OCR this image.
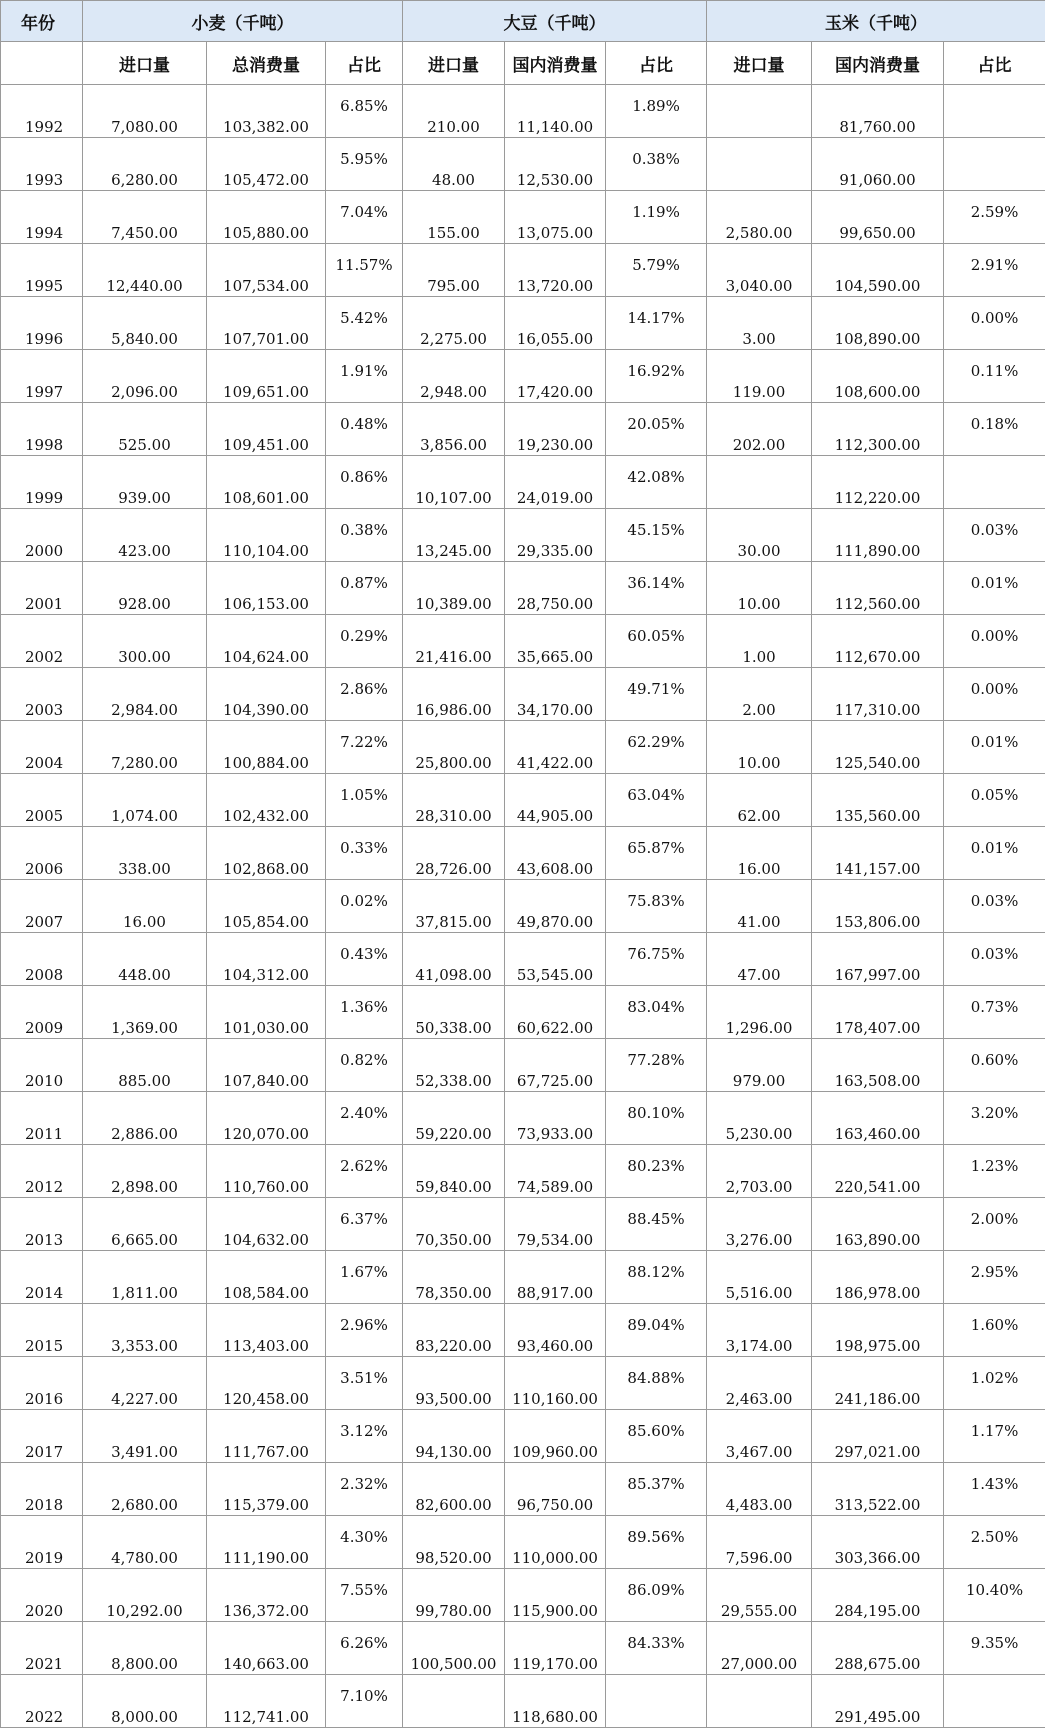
年份	小麦（千吨）			大豆（千吨）			玉米（千吨）		
	进口量	总消费量	占比	进口量	国内消费量	占比	进口量	国内消费量	占比
1992	7,080.00	103,382.00	6.85%	210.00	11,140.00	1.89%		81,760.00	
1993	6,280.00	105,472.00	5.95%	48.00	12,530.00	0.38%		91,060.00	
1994	7,450.00	105,880.00	7.04%	155.00	13,075.00	1.19%	2,580.00	99,650.00	2.59%
1995	12,440.00	107,534.00	11.57%	795.00	13,720.00	5.79%	3,040.00	104,590.00	2.91%
1996	5,840.00	107,701.00	5.42%	2,275.00	16,055.00	14.17%	3.00	108,890.00	0.00%
1997	2,096.00	109,651.00	1.91%	2,948.00	17,420.00	16.92%	119.00	108,600.00	0.11%
1998	525.00	109,451.00	0.48%	3,856.00	19,230.00	20.05%	202.00	112,300.00	0.18%
1999	939.00	108,601.00	0.86%	10,107.00	24,019.00	42.08%		112,220.00	
2000	423.00	110,104.00	0.38%	13,245.00	29,335.00	45.15%	30.00	111,890.00	0.03%
2001	928.00	106,153.00	0.87%	10,389.00	28,750.00	36.14%	10.00	112,560.00	0.01%
2002	300.00	104,624.00	0.29%	21,416.00	35,665.00	60.05%	1.00	112,670.00	0.00%
2003	2,984.00	104,390.00	2.86%	16,986.00	34,170.00	49.71%	2.00	117,310.00	0.00%
2004	7,280.00	100,884.00	7.22%	25,800.00	41,422.00	62.29%	10.00	125,540.00	0.01%
2005	1,074.00	102,432.00	1.05%	28,310.00	44,905.00	63.04%	62.00	135,560.00	0.05%
2006	338.00	102,868.00	0.33%	28,726.00	43,608.00	65.87%	16.00	141,157.00	0.01%
2007	16.00	105,854.00	0.02%	37,815.00	49,870.00	75.83%	41.00	153,806.00	0.03%
2008	448.00	104,312.00	0.43%	41,098.00	53,545.00	76.75%	47.00	167,997.00	0.03%
2009	1,369.00	101,030.00	1.36%	50,338.00	60,622.00	83.04%	1,296.00	178,407.00	0.73%
2010	885.00	107,840.00	0.82%	52,338.00	67,725.00	77.28%	979.00	163,508.00	0.60%
2011	2,886.00	120,070.00	2.40%	59,220.00	73,933.00	80.10%	5,230.00	163,460.00	3.20%
2012	2,898.00	110,760.00	2.62%	59,840.00	74,589.00	80.23%	2,703.00	220,541.00	1.23%
2013	6,665.00	104,632.00	6.37%	70,350.00	79,534.00	88.45%	3,276.00	163,890.00	2.00%
2014	1,811.00	108,584.00	1.67%	78,350.00	88,917.00	88.12%	5,516.00	186,978.00	2.95%
2015	3,353.00	113,403.00	2.96%	83,220.00	93,460.00	89.04%	3,174.00	198,975.00	1.60%
2016	4,227.00	120,458.00	3.51%	93,500.00	110,160.00	84.88%	2,463.00	241,186.00	1.02%
2017	3,491.00	111,767.00	3.12%	94,130.00	109,960.00	85.60%	3,467.00	297,021.00	1.17%
2018	2,680.00	115,379.00	2.32%	82,600.00	96,750.00	85.37%	4,483.00	313,522.00	1.43%
2019	4,780.00	111,190.00	4.30%	98,520.00	110,000.00	89.56%	7,596.00	303,366.00	2.50%
2020	10,292.00	136,372.00	7.55%	99,780.00	115,900.00	86.09%	29,555.00	284,195.00	10.40%
2021	8,800.00	140,663.00	6.26%	100,500.00	119,170.00	84.33%	27,000.00	288,675.00	9.35%
2022	8,000.00	112,741.00	7.10%		118,680.00			291,495.00	
